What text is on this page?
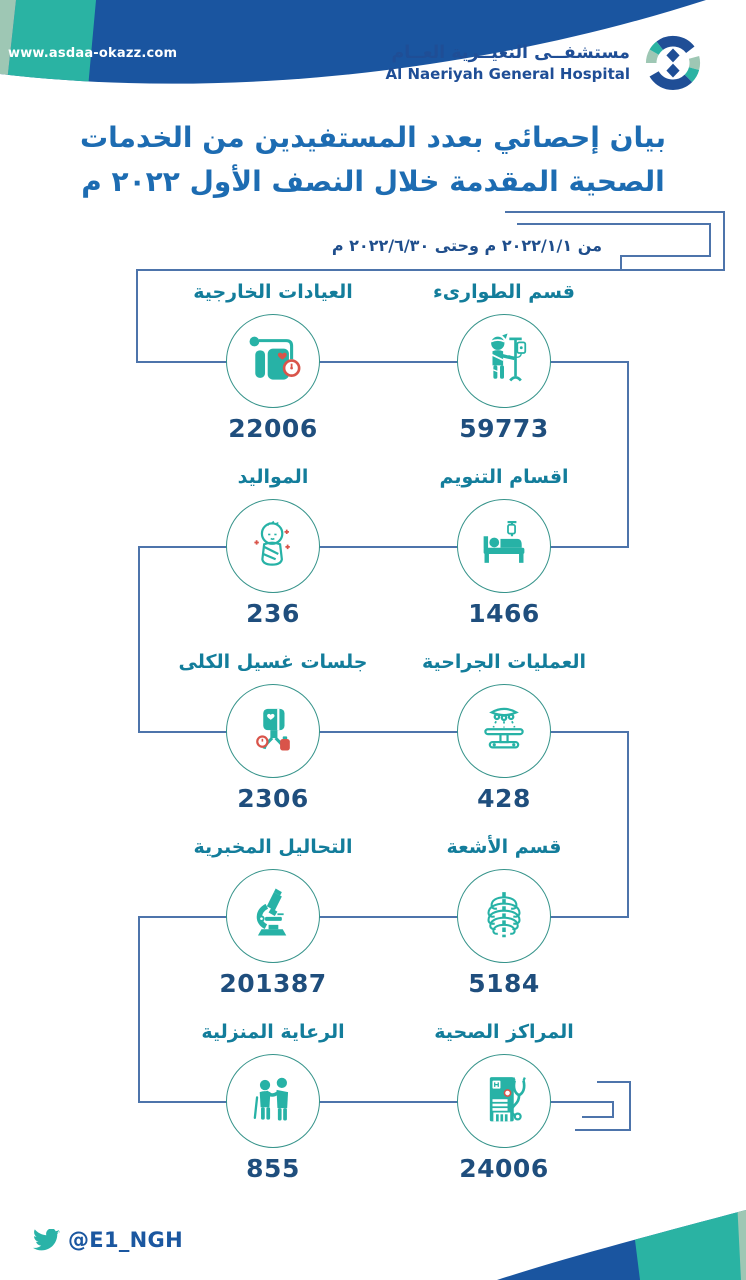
www.asdaa-okazz.com	مستشفــى النعيــرية العــام
Al Naeriyah General Hospital
بيان إحصائي بعدد المستفيدين من الخدمات
الصحية المقدمة خلال النصف الأول ٢٠٢٢ م
من ٢٠٢٢/١/١ م وحتى ٢٠٢٢/٦/٣٠ م
قسم الطوارىء
59773
العيادات الخارجية
22006
اقسام التنويم
1466
المواليد
236
العمليات الجراحية
428
جلسات غسيل الكلى
2306
قسم الأشعة
5184
التحاليل المخبرية
201387
المراكز الصحية
24006
الرعاية المنزلية
855
@E1_NGH
